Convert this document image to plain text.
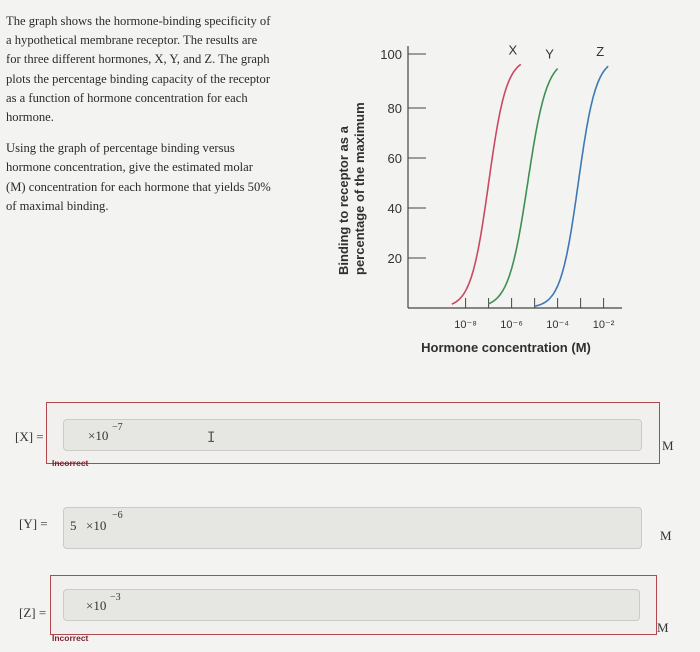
The graph shows the hormone-binding specificity of a hypothetical membrane receptor. The results are for three different hormones, X, Y, and Z. The graph plots the percentage binding capacity of the receptor as a function of hormone concentration for each hormone.

Using the graph of percentage binding versus hormone concentration, give the estimated molar (M) concentration for each hormone that yields 50% of maximal binding.	Binding to receptor as a percentage of the maximum 20
40
60
80
100
10⁻⁸ 10⁻⁶ 10⁻⁴ 10⁻²
X Y	Z
Hormone concentration (M)
[X] =	×10
−7
I	M
Incorrect
[Y] = 5 ×10
−6
M
[Z] =	×10
−3
M
Incorrect
